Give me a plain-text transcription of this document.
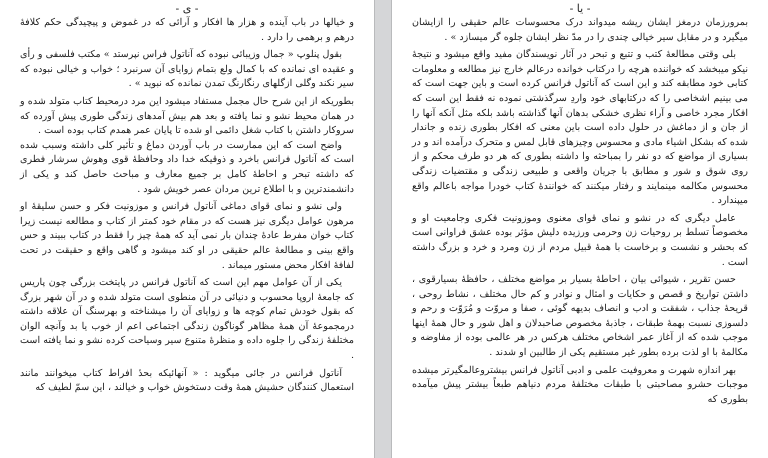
- ی -

و خیالها در باب آینده و هزار ها افکار و آرائی که در غموض و پیچیدگی حکم کلافهٔ درهم و برهمی را دارد .

بقول پنلوپ « جمال وزیبائی نبوده که آناتول فراس نپرستد » مکتب فلسفی و رأی و عقیده ای نمانده که با کمال ولع بتمام زوایای آن سرنبرد ؛ خواب و خیالی نبوده که سیر نکند وگلی ازگلهای رنگارنگ تمدن نمانده که نبوید » .

بطوریکه از این شرح حال مجمل مستفاد میشود این مرد درمحیط کتاب متولد شده و در همان محیط نشو و نما یافته و بعد هم بیش آمدهای زندگی طوری پیش آورده که سروکار داشتن با کتاب شغل دائمی او شده تا پایان عمر همدم کتاب بوده است .

واضح است که این ممارست در باب آوردن دماغ و تأثیر کلی داشته وسبب شده است که آناتول فرانس باخرد و ذوقیکه خدا داد وحافظهٔ قوی وهوش سرشار فطری که داشته تبحر و احاطهٔ کامل بر جمیع معارف و مباحث حاصل کند و یکی از دانشمندترین و با اطلاع ترین مردان عصر خویش شود .

ولی نشو و نمای قوای دماغی آناتول فرانس و موزونیت فکر و حسن سلیقهٔ او مرهون عوامل دیگری نیز هست که در مقام خود کمتر از کتاب و مطالعه نیست زیرا کتاب خوان مفرط عادهٔ چندان بار نمی آید که همهٔ چیز را فقط در کتاب ببیند و حس واقع بینی و مطالعهٔ عالم حقیقی در او کند میشود و گاهی واقع و حقیقت در تحت لفافهٔ افکار محض مستور میماند .

یکی از آن عوامل مهم این است که آناتول فرانس در پایتخت بزرگی چون پاریس که جامعهٔ اروپا محسوب و دنیائی در آن منطوی است متولد شده و در آن شهر بزرگ که بقول خودش تمام کوچه ها و زوایای آن را میشناخته و بهرسنگ آن علاقه داشته درمجموعهٔ آن همهٔ مظاهر گوناگون زندگی اجتماعی اعم از خوب یا بد وآنچه الوان مختلفهٔ زندگی را جلوه داده و منظرهٔ متنوع سیر وسیاحت کرده نشو و نما یافته است .

آناتول فرانس در جائی میگوید : « آنهائیکه بحدٔ افراط کتاب میخوانند مانند استعمال کنندگان حشیش همهٔ وقت دستخوش خواب و خیالند ، این سمّ لطیف که

- یا -

بمرورزمان درمغز ایشان ریشه میدواند درک محسوسات عالم حقیقی را ازایشان میگیرد و در مقابل سیر خیالی چندی را در مدّ نظر ایشان جلوه گر میسازد » .

بلی وقتی مطالعهٔ کتب و تتبع و تبحر در آثار نویسندگان مفید واقع میشود و نتیجهٔ نیکو میبخشد که خواننده هرچه را دركتاب خوانده درعالم خارج نیز مطالعه و معلومات کتابی خود مطابقه کند و این است که آناتول فرانس کرده است و باین جهت است که می بینیم اشخاصی را که درکتابهای خود واردِ سرگذشتی نموده نه فقط این است که افکار مجرد خاصی و آراء نظری خشکی بدهان آنها گذاشته باشد بلکه مثل آنکه آنها را از جان و از دماغش در حلول داده است باین معنی که افکار بطوری زنده و جاندار شده که بشکل اشیاء مادی و محسوس وچیزهای قابل لمس و متحرک درآمده اند و در بسیاری از مواضع که دو نفر را بمباحثه وا داشته بطوری که هر دو طرف محکم و از روی شوق و شور و مطابق با جریان واقعی و طبیعی زندگی و مقتضیات زندگی محسوس مکالمه مینمایند و رفتار میکنند که خوانندهٔ کتاب خودرا مواجه باعالم واقع میپندارد .

عامل دیگری که در نشو و نمای قوای معنوی وموزونیت فکری وجامعیت او و مخصوصاً تسلط بر روحیات زن وحرمی ورزیده دلیش مؤثر بوده عشق فراوانی است که بحشر و نشست و برخاست با همهٔ قبیل مردم از زن ومرد و خرد و بزرگ داشته است .

حسن تقریر ، شیوائی بیان ، احاطهٔ بسیار بر مواضع مختلف ، حافظهٔ بسیارقوی ، داشتن تواریخ و قصص و حکایات و امثال و نوادر و کم حال مختلف ، نشاط روحی ، قریحهٔ جذاب ، شفقت و ادب و انصاف بدیهه گوئی ، صفا و مروّت و مُرَوّت و رحم و دلسوزی نسبت بهمهٔ طبقات ، جاذبهٔ مخصوص صاحبدلان و اهل شور و حال همهٔ اینها موجب شده که از آغاز عمر اشخاص مختلف هرکس در هر عالمی بوده از مفاوضه و مکالمهٔ با او لذت برده بطور غیر مستقیم یکی از طالبین او شدند .

بهر اندازه شهرت و معروفیت علمی و ادبی آناتول فرانس بیشتروعالمگیرتر میشده موجبات حشرو مصاحبتی با طبقات مختلفهٔ مردم دنیاهم طبعاً بیشتر پیش میآمده بطوری که
